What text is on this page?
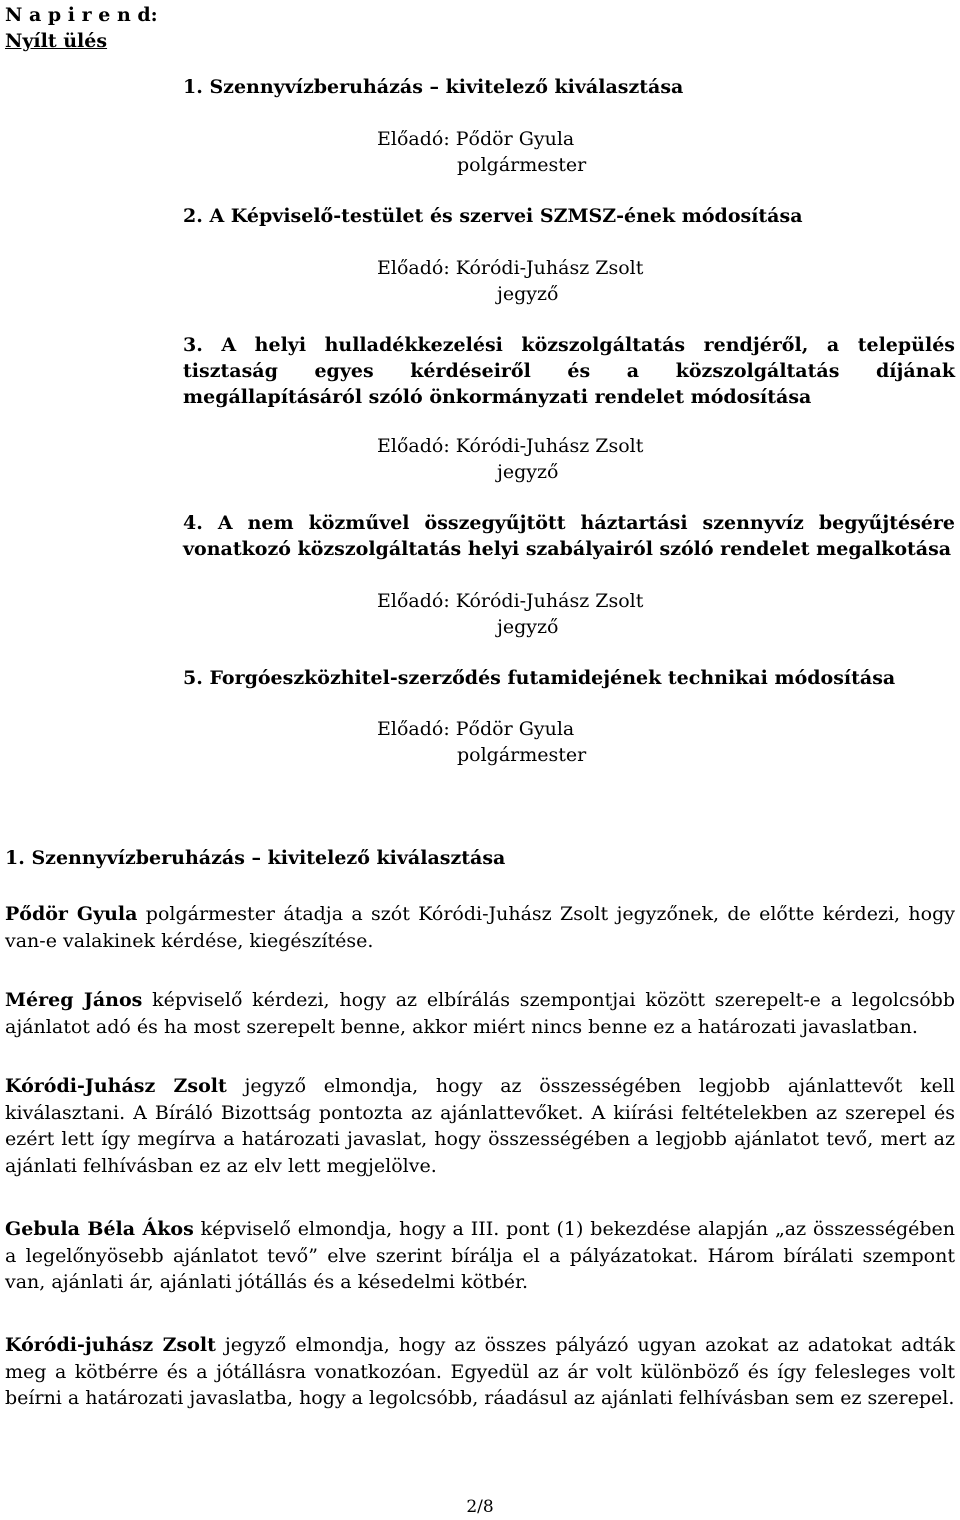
N a p i r e n d:
Nyílt ülés
1. Szennyvízberuházás – kivitelező kiválasztása
Előadó: Pődör Gyula
polgármester
2. A Képviselő-testület és szervei SZMSZ-ének módosítása
Előadó: Kóródi-Juhász Zsolt
jegyző
3. A helyi hulladékkezelési közszolgáltatás rendjéről, a település tisztaság egyes kérdéseiről és a közszolgáltatás díjának megállapításáról szóló önkormányzati rendelet módosítása
Előadó: Kóródi-Juhász Zsolt
jegyző
4. A nem közművel összegyűjtött háztartási szennyvíz begyűjtésére vonatkozó közszolgáltatás helyi szabályairól szóló rendelet megalkotása
Előadó: Kóródi-Juhász Zsolt
jegyző
5. Forgóeszközhitel-szerződés futamidejének technikai módosítása
Előadó: Pődör Gyula
polgármester
1. Szennyvízberuházás – kivitelező kiválasztása
Pődör Gyula polgármester átadja a szót Kóródi-Juhász Zsolt jegyzőnek, de előtte kérdezi, hogy van-e valakinek kérdése, kiegészítése.
Méreg János képviselő kérdezi, hogy az elbírálás szempontjai között szerepelt-e a legolcsóbb ajánlatot adó és ha most szerepelt benne, akkor miért nincs benne ez a határozati javaslatban.
Kóródi-Juhász Zsolt jegyző elmondja, hogy az összességében legjobb ajánlattevőt kell kiválasztani. A Bíráló Bizottság pontozta az ajánlattevőket. A kiírási feltételekben az szerepel és ezért lett így megírva a határozati javaslat, hogy összességében a legjobb ajánlatot tevő, mert az ajánlati felhívásban ez az elv lett megjelölve.
Gebula Béla Ákos képviselő elmondja, hogy a III. pont (1) bekezdése alapján „az összességében a legelőnyösebb ajánlatot tevő” elve szerint bírálja el a pályázatokat. Három bírálati szempont van, ajánlati ár, ajánlati jótállás és a késedelmi kötbér.
Kóródi-juhász Zsolt jegyző elmondja, hogy az összes pályázó ugyan azokat az adatokat adták meg a kötbérre és a jótállásra vonatkozóan. Egyedül az ár volt különböző és így felesleges volt beírni a határozati javaslatba, hogy a legolcsóbb, ráadásul az ajánlati felhívásban sem ez szerepel.
2/8
